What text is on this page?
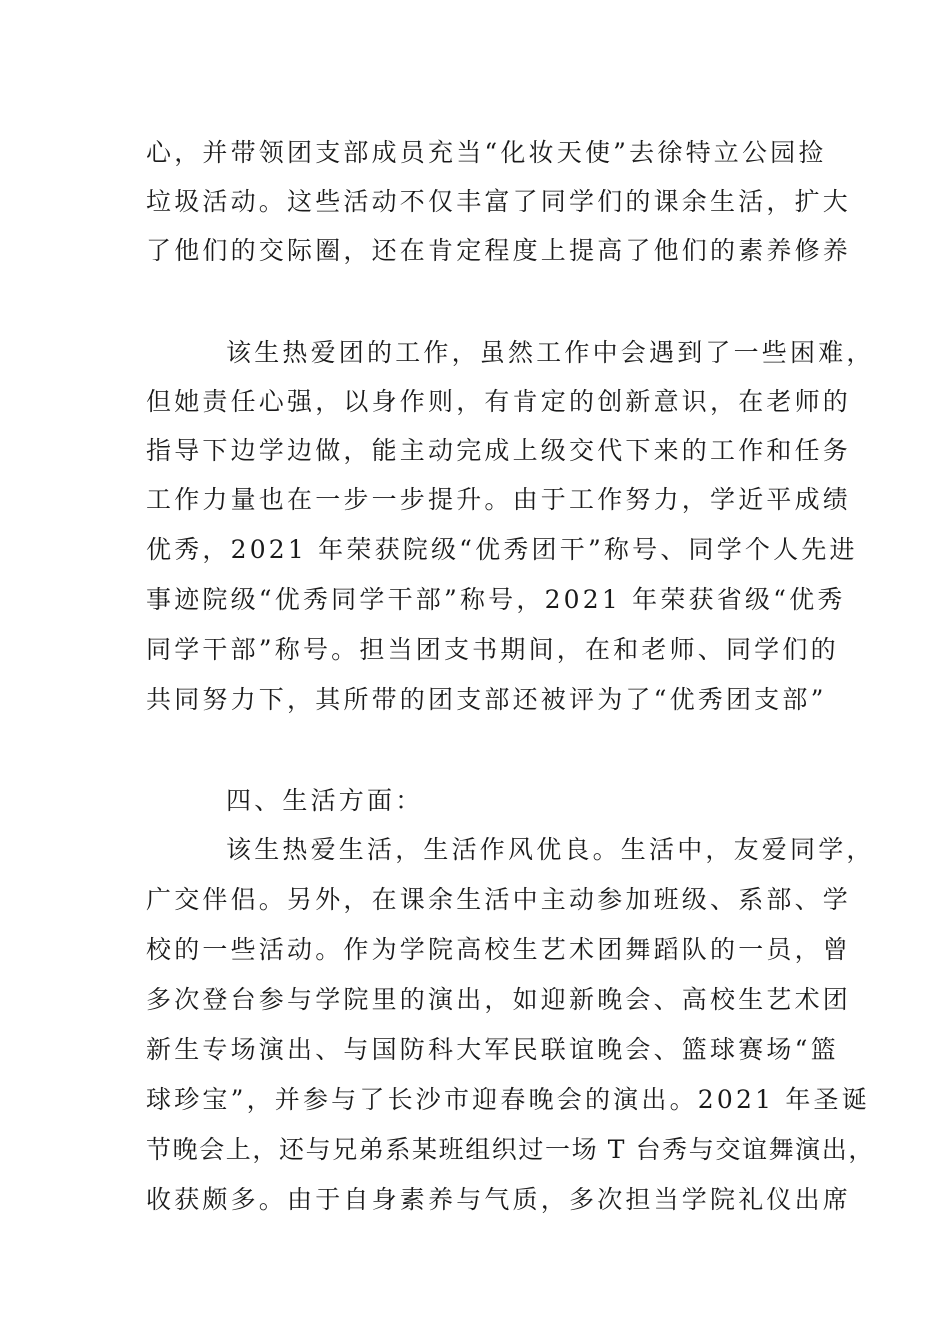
心，并带领团支部成员充当“化妆天使”去徐特立公园捡
垃圾活动。这些活动不仅丰富了同学们的课余生活，扩大
了他们的交际圈，还在肯定程度上提高了他们的素养修养
该生热爱团的工作，虽然工作中会遇到了一些困难，
但她责任心强，以身作则，有肯定的创新意识，在老师的
指导下边学边做，能主动完成上级交代下来的工作和任务
工作力量也在一步一步提升。由于工作努力，学近平成绩
优秀，2021 年荣获院级“优秀团干”称号、同学个人先进
事迹院级“优秀同学干部”称号，2021 年荣获省级“优秀
同学干部”称号。担当团支书期间，在和老师、同学们的
共同努力下，其所带的团支部还被评为了“优秀团支部”
四、生活方面：
该生热爱生活，生活作风优良。生活中，友爱同学，
广交伴侣。另外，在课余生活中主动参加班级、系部、学
校的一些活动。作为学院高校生艺术团舞蹈队的一员，曾
多次登台参与学院里的演出，如迎新晚会、高校生艺术团
新生专场演出、与国防科大军民联谊晚会、篮球赛场“篮
球珍宝”，并参与了长沙市迎春晚会的演出。2021 年圣诞
节晚会上，还与兄弟系某班组织过一场 T 台秀与交谊舞演出，
收获颇多。由于自身素养与气质，多次担当学院礼仪出席
